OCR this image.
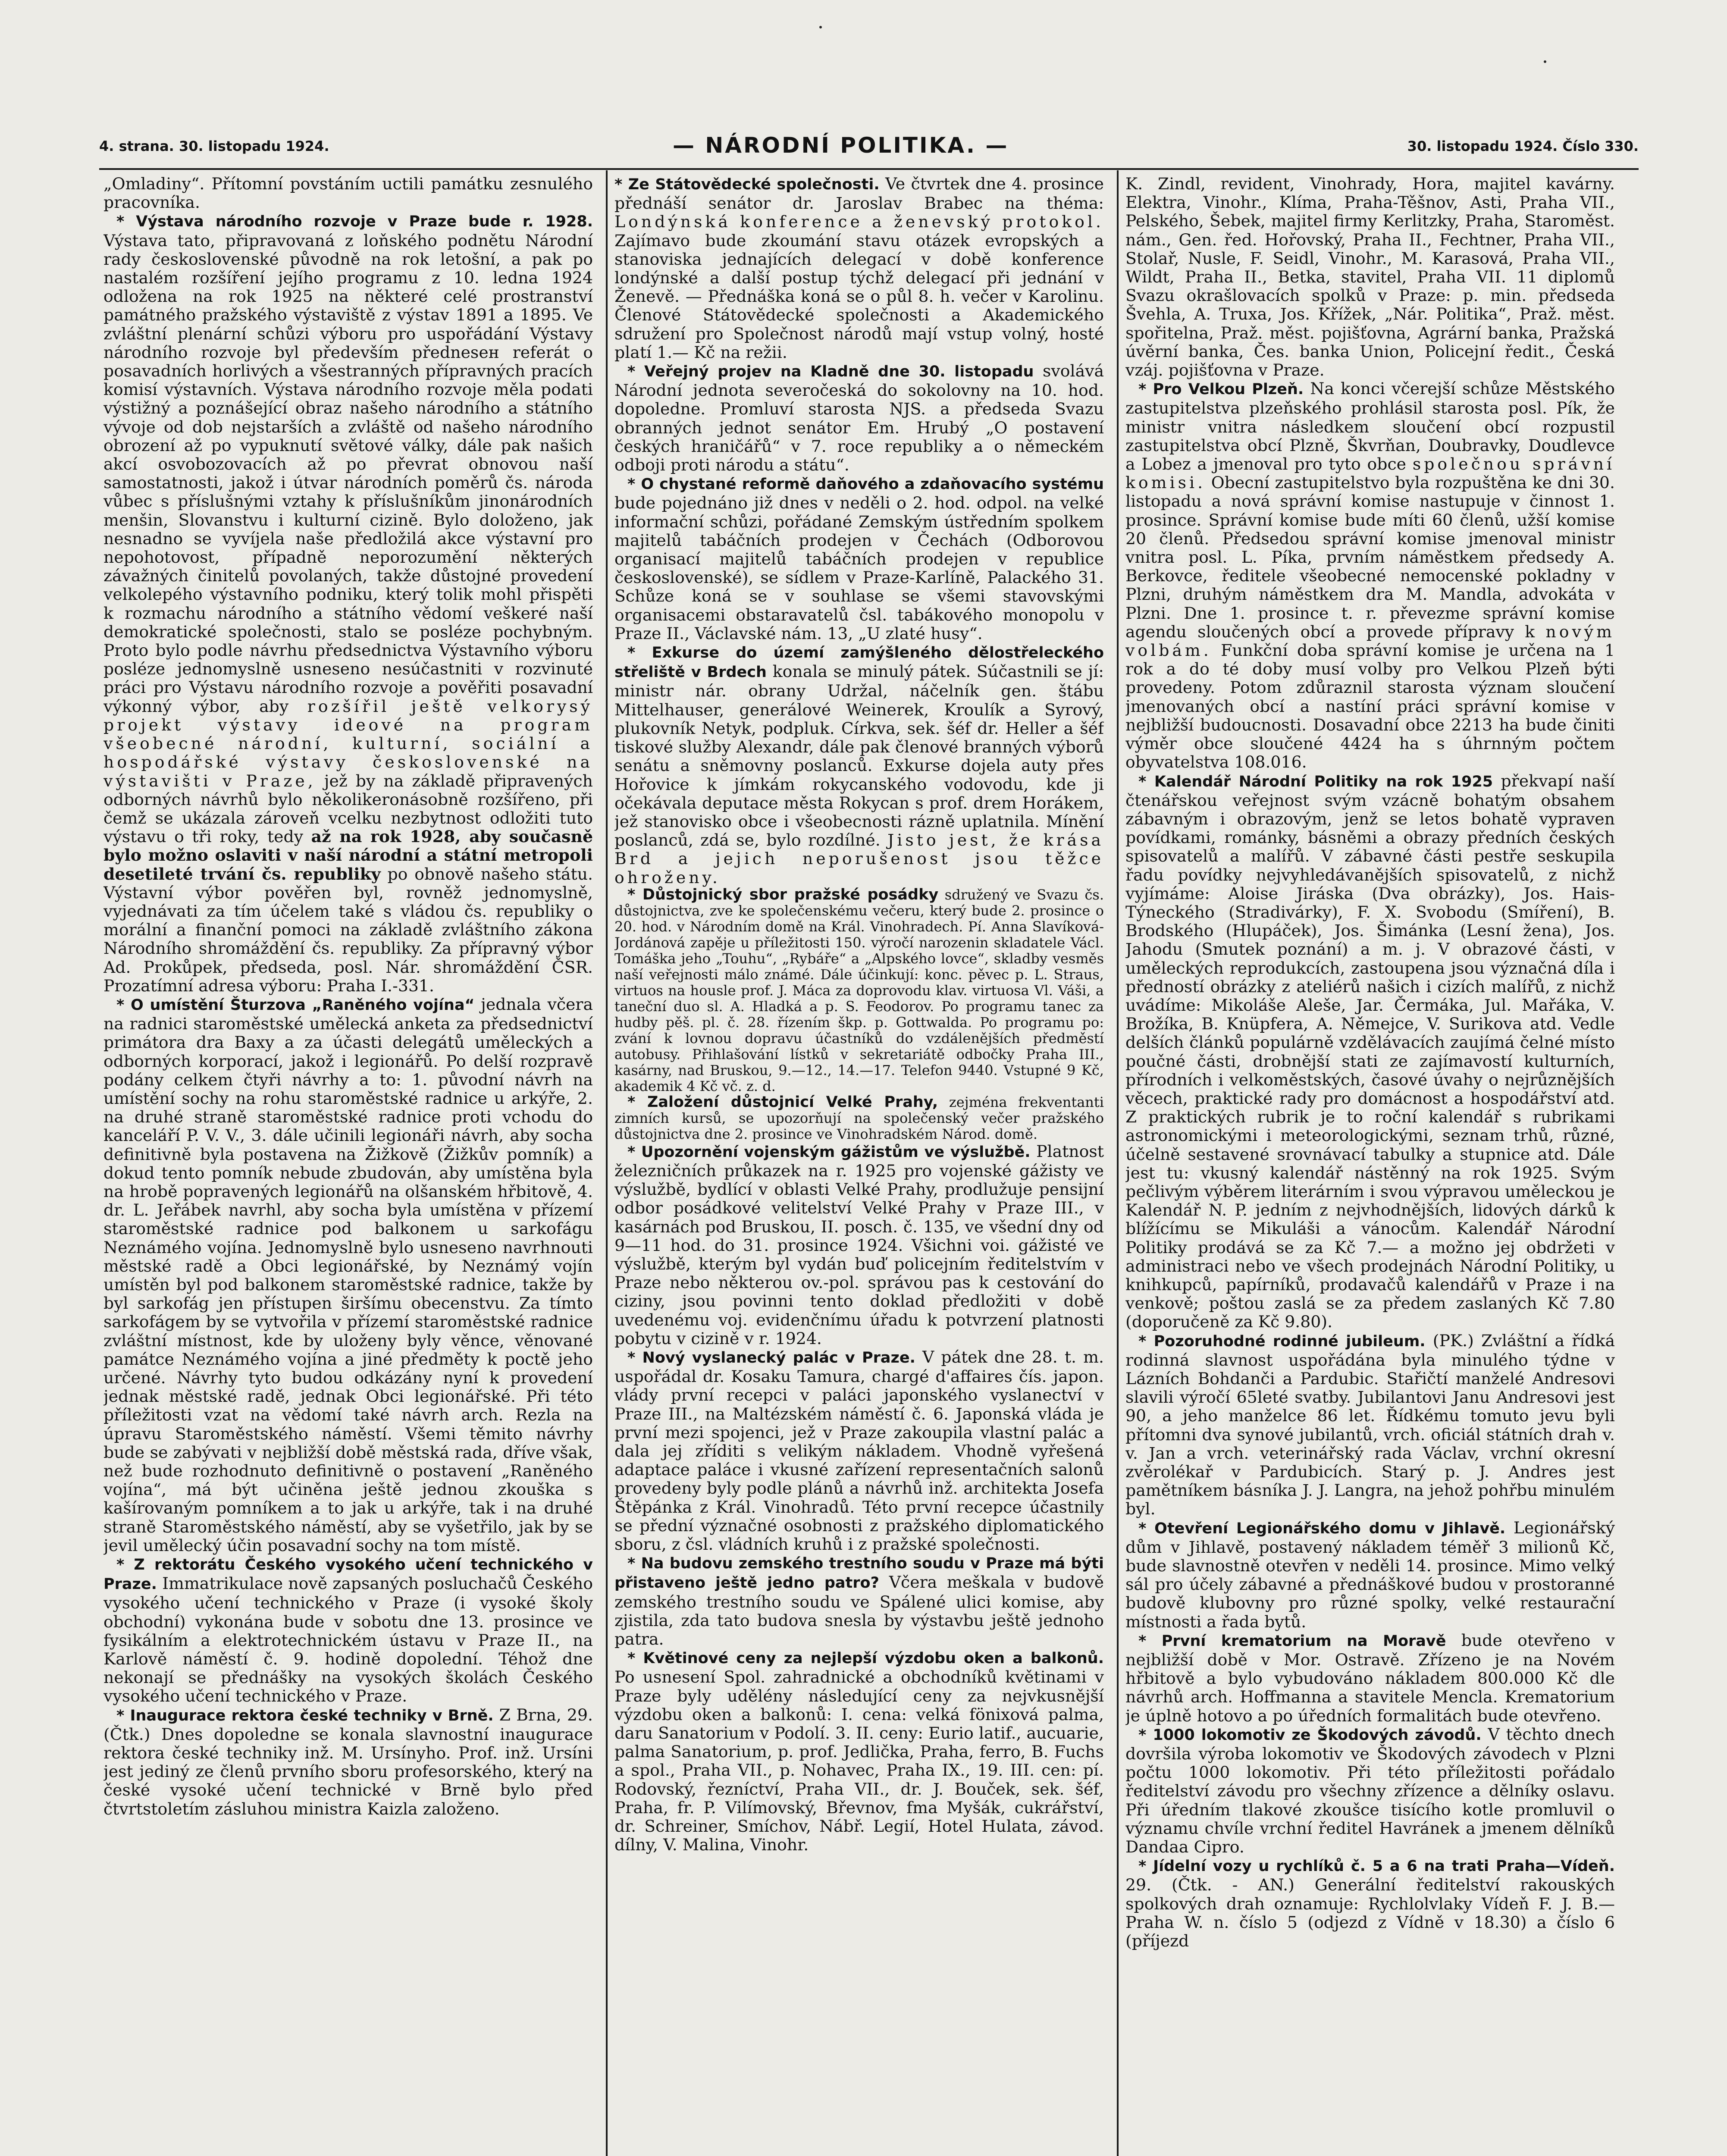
4. strana. 30. listopadu 1924.	— NÁRODNÍ POLITIKA. —	30. listopadu 1924. Číslo 330.

„Omladiny“. Přítomní povstáním uctili památku zesnulého pracovníka.

* Výstava národního rozvoje v Praze bude r. 1928. Výstava tato, připravovaná z loňského podnětu Národní rady československé původně na rok letošní, a pak po nastalém rozšíření jejího programu z 10. ledna 1924 odložena na rok 1925 na některé celé prostranství památného pražského výstaviště z výstav 1891 a 1895. Ve zvláštní plenární schůzi výboru pro uspořádání Výstavy národního rozvoje byl především předneseн referát o posavadních horlivých a všestranných přípravných pracích komisí výstavních. Výstava národního rozvoje měla podati výstižný a poznášející obraz našeho národního a státního vývoje od dob nejstarších a zvláště od našeho národního obrození až po vypuknutí světové války, dále pak našich akcí osvobozovacích až po převrat obnovou naší samostatnosti, jakož i útvar národních poměrů čs. národa vůbec s příslušnými vztahy k příslušníkům jinonárodních menšin, Slovanstvu i kulturní cizině. Bylo doloženo, jak nesnadno se vyvíjela naše předložilá akce výstavní pro nepohotovost, případně neporozumění některých závažných činitelů povolaných, takže důstojné provedení velkolepého výstavního podniku, který tolik mohl přispěti k rozmachu národního a státního vědomí veškeré naší demokratické společnosti, stalo se posléze pochybným. Proto bylo podle návrhu předsednictva Výstavního výboru posléze jednomyslně usneseno nesúčastniti v rozvinuté práci pro Výstavu národního rozvoje a pověřiti posavadní výkonný výbor, aby rozšířil ještě velkorysý projekt výstavy ideové na program všeobecné národní, kulturní, sociální a hospodářské výstavy československé na výstavišti v Praze, jež by na základě připravených odborných návrhů bylo několikeronásobně rozšířeno, při čemž se ukázala zároveň vcelku nezbytnost odložiti tuto výstavu o tři roky, tedy až na rok 1928, aby současně bylo možno oslaviti v naší národní a státní metropoli desetileté trvání čs. republiky po obnově našeho státu. Výstavní výbor pověřen byl, rovněž jednomyslně, vyjednávati za tím účelem také s vládou čs. republiky o morální a finanční pomoci na základě zvláštního zákona Národního shromáždění čs. republiky. Za přípravný výbor Ad. Prokůpek, předseda, posl. Nár. shromáždění ČSR. Prozatímní adresa výboru: Praha I.-331.

* O umístění Šturzova „Raněného vojína“ jednala včera na radnici staroměstské umělecká anketa za předsednictví primátora dra Baxy a za účasti delegátů uměleckých a odborných korporací, jakož i legionářů. Po delší rozpravě podány celkem čtyři návrhy a to: 1. původní návrh na umístění sochy na rohu staroměstské radnice u arkýře, 2. na druhé straně staroměstské radnice proti vchodu do kanceláří P. V. V., 3. dále učinili legionáři návrh, aby socha definitivně byla postavena na Žižkově (Žižkův pomník) a dokud tento pomník nebude zbudován, aby umístěna byla na hrobě popravených legionářů na olšanském hřbitově, 4. dr. L. Jeřábek navrhl, aby socha byla umístěna v přízemí staroměstské radnice pod balkonem u sarkofágu Neznámého vojína. Jednomyslně bylo usneseno navrhnouti městské radě a Obci legionářské, by Neznámý vojín umístěn byl pod balkonem staroměstské radnice, takže by byl sarkofág jen přístupen širšímu obecenstvu. Za tímto sarkofágem by se vytvořila v přízemí staroměstské radnice zvláštní místnost, kde by uloženy byly věnce, věnované památce Neznámého vojína a jiné předměty k poctě jeho určené. Návrhy tyto budou odkázány nyní k provedení jednak městské radě, jednak Obci legionářské. Při této příležitosti vzat na vědomí také návrh arch. Rezla na úpravu Staroměstského náměstí. Všemi těmito návrhy bude se zabývati v nejbližší době městská rada, dříve však, než bude rozhodnuto definitivně o postavení „Raněného vojína“, má být učiněna ještě jednou zkouška s kašírovaným pomníkem a to jak u arkýře, tak i na druhé straně Staroměstského náměstí, aby se vyšetřilo, jak by se jevil umělecký účin posavadní sochy na tom místě.

* Z rektorátu Českého vysokého učení technického v Praze. Immatrikulace nově zapsaných posluchačů Českého vysokého učení technického v Praze (i vysoké školy obchodní) vykonána bude v sobotu dne 13. prosince ve fysikálním a elektrotechnickém ústavu v Praze II., na Karlově náměstí č. 9. hodině dopolední. Téhož dne nekonají se přednášky na vysokých školách Českého vysokého učení technického v Praze.

* Inaugurace rektora české techniky v Brně. Z Brna, 29. (Čtk.) Dnes dopoledne se konala slavnostní inaugurace rektora české techniky inž. M. Ursínyho. Prof. inž. Ursíni jest jediný ze členů prvního sboru profesorského, který na české vysoké učení technické v Brně bylo před čtvrtstoletím zásluhou ministra Kaizla založeno.

* Ze Státovědecké společnosti. Ve čtvrtek dne 4. prosince přednáší senátor dr. Jaroslav Brabec na théma: Londýnská konference a ženevský protokol. Zajímavo bude zkoumání stavu otázek evropských a stanoviska jednajících delegací v době konference londýnské a další postup týchž delegací při jednání v Ženevě. — Přednáška koná se o půl 8. h. večer v Karolinu. Členové Státovědecké společnosti a Akademického sdružení pro Společnost národů mají vstup volný, hosté platí 1.— Kč na režii.

* Veřejný projev na Kladně dne 30. listopadu svolává Národní jednota severočeská do sokolovny na 10. hod. dopoledne. Promluví starosta NJS. a předseda Svazu obranných jednot senátor Em. Hrubý „O postavení českých hraničářů“ v 7. roce republiky a o německém odboji proti národu a státu“.

* O chystané reformě daňového a zdaňovacího systému bude pojednáno již dnes v neděli o 2. hod. odpol. na velké informační schůzi, pořádané Zemským ústředním spolkem majitelů tabáčních prodejen v Čechách (Odborovou organisací majitelů tabáčních prodejen v republice československé), se sídlem v Praze-Karlíně, Palackého 31. Schůze koná se v souhlase se všemi stavovskými organisacemi obstaravatelů čsl. tabákového monopolu v Praze II., Václavské nám. 13, „U zlaté husy“.

* Exkurse do území zamýšleného dělostřeleckého střeliště v Brdech konala se minulý pátek. Súčastnili se jí: ministr nár. obrany Udržal, náčelník gen. štábu Mittelhauser, generálové Weinerek, Kroulík a Syrový, plukovník Netyk, podpluk. Církva, sek. šéf dr. Heller a šéf tiskové služby Alexandr, dále pak členové branných výborů senátu a sněmovny poslanců. Exkurse dojela auty přes Hořovice k jímkám rokycanského vodovodu, kde ji očekávala deputace města Rokycan s prof. drem Horákem, jež stanovisko obce i všeobecnosti rázně uplatnila. Mínění poslanců, zdá se, bylo rozdílné. Jisto jest, že krása Brd a jejich neporušenost jsou těžce ohroženy.

* Důstojnický sbor pražské posádky sdružený ve Svazu čs. důstojnictva, zve ke společenskému večeru, který bude 2. prosince o 20. hod. v Národním domě na Král. Vinohradech. Pí. Anna Slavíková-Jordánová zapěje u příležitosti 150. výročí narozenin skladatele Václ. Tomáška jeho „Touhu“, „Rybáře“ a „Alpského lovce“, skladby vesměs naší veřejnosti málo známé. Dále účinkují: konc. pěvec p. L. Straus, virtuos na housle prof. J. Máca za doprovodu klav. virtuosa Vl. Váši, a taneční duo sl. A. Hladká a p. S. Feodorov. Po programu tanec za hudby pěš. pl. č. 28. řízením škp. p. Gottwalda. Po programu po: zvání k lovnou dopravu účastníků do vzdálenějších předměstí autobusy. Přihlašování lístků v sekretariátě odbočky Praha III., kasárny, nad Bruskou, 9.—12., 14.—17. Telefon 9440. Vstupné 9 Kč, akademik 4 Kč vč. z. d.

* Založení důstojnicí Velké Prahy, zejména frekventanti zimních kursů, se upozorňují na společenský večer pražského důstojnictva dne 2. prosince ve Vinohradském Národ. domě.

* Upozornění vojenským gážistům ve výslužbě. Platnost železničních průkazek na r. 1925 pro vojenské gážisty ve výslužbě, bydlící v oblasti Velké Prahy, prodlužuje pensijní odbor posádkové velitelství Velké Prahy v Praze III., v kasárnách pod Bruskou, II. posch. č. 135, ve všední dny od 9—11 hod. do 31. prosince 1924. Všichni voi. gážisté ve výslužbě, kterým byl vydán buď policejním ředitelstvím v Praze nebo některou ov.-pol. správou pas k cestování do ciziny, jsou povinni tento doklad předložiti v době uvedenému voj. evidenčnímu úřadu k potvrzení platnosti pobytu v cizině v r. 1924.

* Nový vyslanecký palác v Praze. V pátek dne 28. t. m. uspořádal dr. Kosaku Tamura, chargé d'affaires čís. japon. vlády první recepci v paláci japonského vyslanectví v Praze III., na Maltézském náměstí č. 6. Japonská vláda je první mezi spojenci, jež v Praze zakoupila vlastní palác a dala jej zříditi s velikým nákladem. Vhodně vyřešená adaptace paláce i vkusné zařízení representačních salonů provedeny byly podle plánů a návrhů inž. architekta Josefa Štěpánka z Král. Vinohradů. Této první recepce účastnily se přední význačné osobnosti z pražského diplomatického sboru, z čsl. vládních kruhů i z pražské společnosti.

* Na budovu zemského trestního soudu v Praze má býti přistaveno ještě jedno patro? Včera meškala v budově zemského trestního soudu ve Spálené ulici komise, aby zjistila, zda tato budova snesla by výstavbu ještě jednoho patra.

* Květinové ceny za nejlepší výzdobu oken a balkonů. Po usnesení Spol. zahradnické a obchodníků květinami v Praze byly udělény následující ceny za nejvkusnější výzdobu oken a balkonů: I. cena: velká fönixová palma, daru Sanatorium v Podolí. 3. II. ceny: Eurio latif., aucuarie, palma Sanatorium, p. prof. Jedlička, Praha, ferro, B. Fuchs a spol., Praha VII., p. Nohavec, Praha IX., 19. III. cen: pí. Rodovský, řezníctví, Praha VII., dr. J. Bouček, sek. šéf, Praha, fr. P. Vilímovský, Břevnov, fma Myšák, cukrářství, dr. Schreiner, Smíchov, Nábř. Legií, Hotel Hulata, závod. dílny, V. Malina, Vinohr.

K. Zindl, revident, Vinohrady, Hora, majitel kavárny. Elektra, Vinohr., Klíma, Praha-Těšnov, Asti, Praha VII., Pelského, Šebek, majitel firmy Kerlitzky, Praha, Staroměst. nám., Gen. řed. Hořovský, Praha II., Fechtner, Praha VII., Stolař, Nusle, F. Seidl, Vinohr., M. Karasová, Praha VII., Wildt, Praha II., Betka, stavitel, Praha VII. 11 diplomů Svazu okrašlovacích spolků v Praze: p. min. předseda Švehla, A. Truxa, Jos. Křížek, „Nár. Politika“, Praž. měst. spořitelna, Praž. měst. pojišťovna, Agrární banka, Pražská úvěrní banka, Čes. banka Union, Policejní ředit., Česká vzáj. pojišťovna v Praze.

* Pro Velkou Plzeň. Na konci včerejší schůze Městského zastupitelstva plzeňského prohlásil starosta posl. Pík, že ministr vnitra následkem sloučení obcí rozpustil zastupitelstva obcí Plzně, Škvrňan, Doubravky, Doudlevce a Lobez a jmenoval pro tyto obce společnou správní komisi. Obecní zastupitelstvo byla rozpuštěna ke dni 30. listopadu a nová správní komise nastupuje v činnost 1. prosince. Správní komise bude míti 60 členů, užší komise 20 členů. Předsedou správní komise jmenoval ministr vnitra posl. L. Píka, prvním náměstkem předsedy A. Berkovce, ředitele všeobecné nemocenské pokladny v Plzni, druhým náměstkem dra M. Mandla, advokáta v Plzni. Dne 1. prosince t. r. převezme správní komise agendu sloučených obcí a provede přípravy k novým volbám. Funkční doba správní komise je určena na 1 rok a do té doby musí volby pro Velkou Plzeň býti provedeny. Potom zdůraznil starosta význam sloučení jmenovaných obcí a nastíní práci správní komise v nejbližší budoucnosti. Dosavadní obce 2213 ha bude činiti výměr obce sloučené 4424 ha s úhrnným počtem obyvatelstva 108.016.

* Kalendář Národní Politiky na rok 1925 překvapí naší čtenářskou veřejnost svým vzácně bohatým obsahem zábavným i obrazovým, jenž se letos bohatě vypraven povídkami, románky, básněmi a obrazy předních českých spisovatelů a malířů. V zábavné části pestře seskupila řadu povídky nejvyhledávanějších spisovatelů, z nichž vyjímáme: Aloise Jiráska (Dva obrázky), Jos. Hais-Týneckého (Stradivárky), F. X. Svobodu (Smíření), B. Brodského (Hlupáček), Jos. Šimánka (Lesní žena), Jos. Jahodu (Smutek poznání) a m. j. V obrazové části, v uměleckých reprodukcích, zastoupena jsou význačná díla i předností obrázky z ateliérů našich i cizích malířů, z nichž uvádíme: Mikoláše Aleše, Jar. Čermáka, Jul. Mařáka, V. Brožíka, B. Knüpfera, A. Němejce, V. Surikova atd. Vedle delších článků populárně vzdělávacích zaujímá čelné místo poučné části, drobnější stati ze zajímavostí kulturních, přírodních i velkoměstských, časové úvahy o nejrůznějších věcech, praktické rady pro domácnost a hospodářství atd. Z praktických rubrik je to roční kalendář s rubrikami astronomickými i meteorologickými, seznam trhů, různé, účelně sestavené srovnávací tabulky a stupnice atd. Dále jest tu: vkusný kalendář nástěnný na rok 1925. Svým pečlivým výběrem literárním i svou výpravou uměleckou je Kalendář N. P. jedním z nejvhodnějších, lidových dárků k blížícímu se Mikuláši a vánocům. Kalendář Národní Politiky prodává se za Kč 7.— a možno jej obdržeti v administraci nebo ve všech prodejnách Národní Politiky, u knihkupců, papírníků, prodavačů kalendářů v Praze i na venkově; poštou zaslá se za předem zaslaných Kč 7.80 (doporučeně za Kč 9.80).

* Pozoruhodné rodinné jubileum. (PK.) Zvláštní a řídká rodinná slavnost uspořádána byla minulého týdne v Lázních Bohdanči a Pardubic. Stařičtí manželé Andresovi slavili výročí 65leté svatby. Jubilantovi Janu Andresovi jest 90, a jeho manželce 86 let. Řídkému tomuto jevu byli přítomni dva synové jubilantů, vrch. oficiál státních drah v. v. Jan a vrch. veterinářský rada Václav, vrchní okresní zvěrolékař v Pardubicích. Starý p. J. Andres jest pamětníkem básníka J. J. Langra, na jehož pohřbu minulém byl.

* Otevření Legionářského domu v Jihlavě. Legionářský dům v Jihlavě, postavený nákladem téměř 3 milionů Kč, bude slavnostně otevřen v neděli 14. prosince. Mimo velký sál pro účely zábavné a přednáškové budou v prostoranné budově klubovny pro různé spolky, velké restaurační místnosti a řada bytů.

* První krematorium na Moravě bude otevřeno v nejbližší době v Mor. Ostravě. Zřízeno je na Novém hřbitově a bylo vybudováno nákladem 800.000 Kč dle návrhů arch. Hoffmanna a stavitele Mencla. Krematorium je úplně hotovo a po úředních formalitách bude otevřeno.

* 1000 lokomotiv ze Škodových závodů. V těchto dnech dovršila výroba lokomotiv ve Škodových závodech v Plzni počtu 1000 lokomotiv. Při této příležitosti pořádalo ředitelství závodu pro všechny zřízence a dělníky oslavu. Při úředním tlakové zkoušce tisícího kotle promluvil o významu chvíle vrchní ředitel Havránek a jmenem dělníků Dandaa Cipro.

* Jídelní vozy u rychlíků č. 5 a 6 na trati Praha—Vídeň. 29. (Čtk. - AN.) Generální ředitelství rakouských spolkových drah oznamuje: Rychlolvlaky Vídeň F. J. B.—Praha W. n. číslo 5 (odjezd z Vídně v 18.30) a číslo 6 (příjezd
